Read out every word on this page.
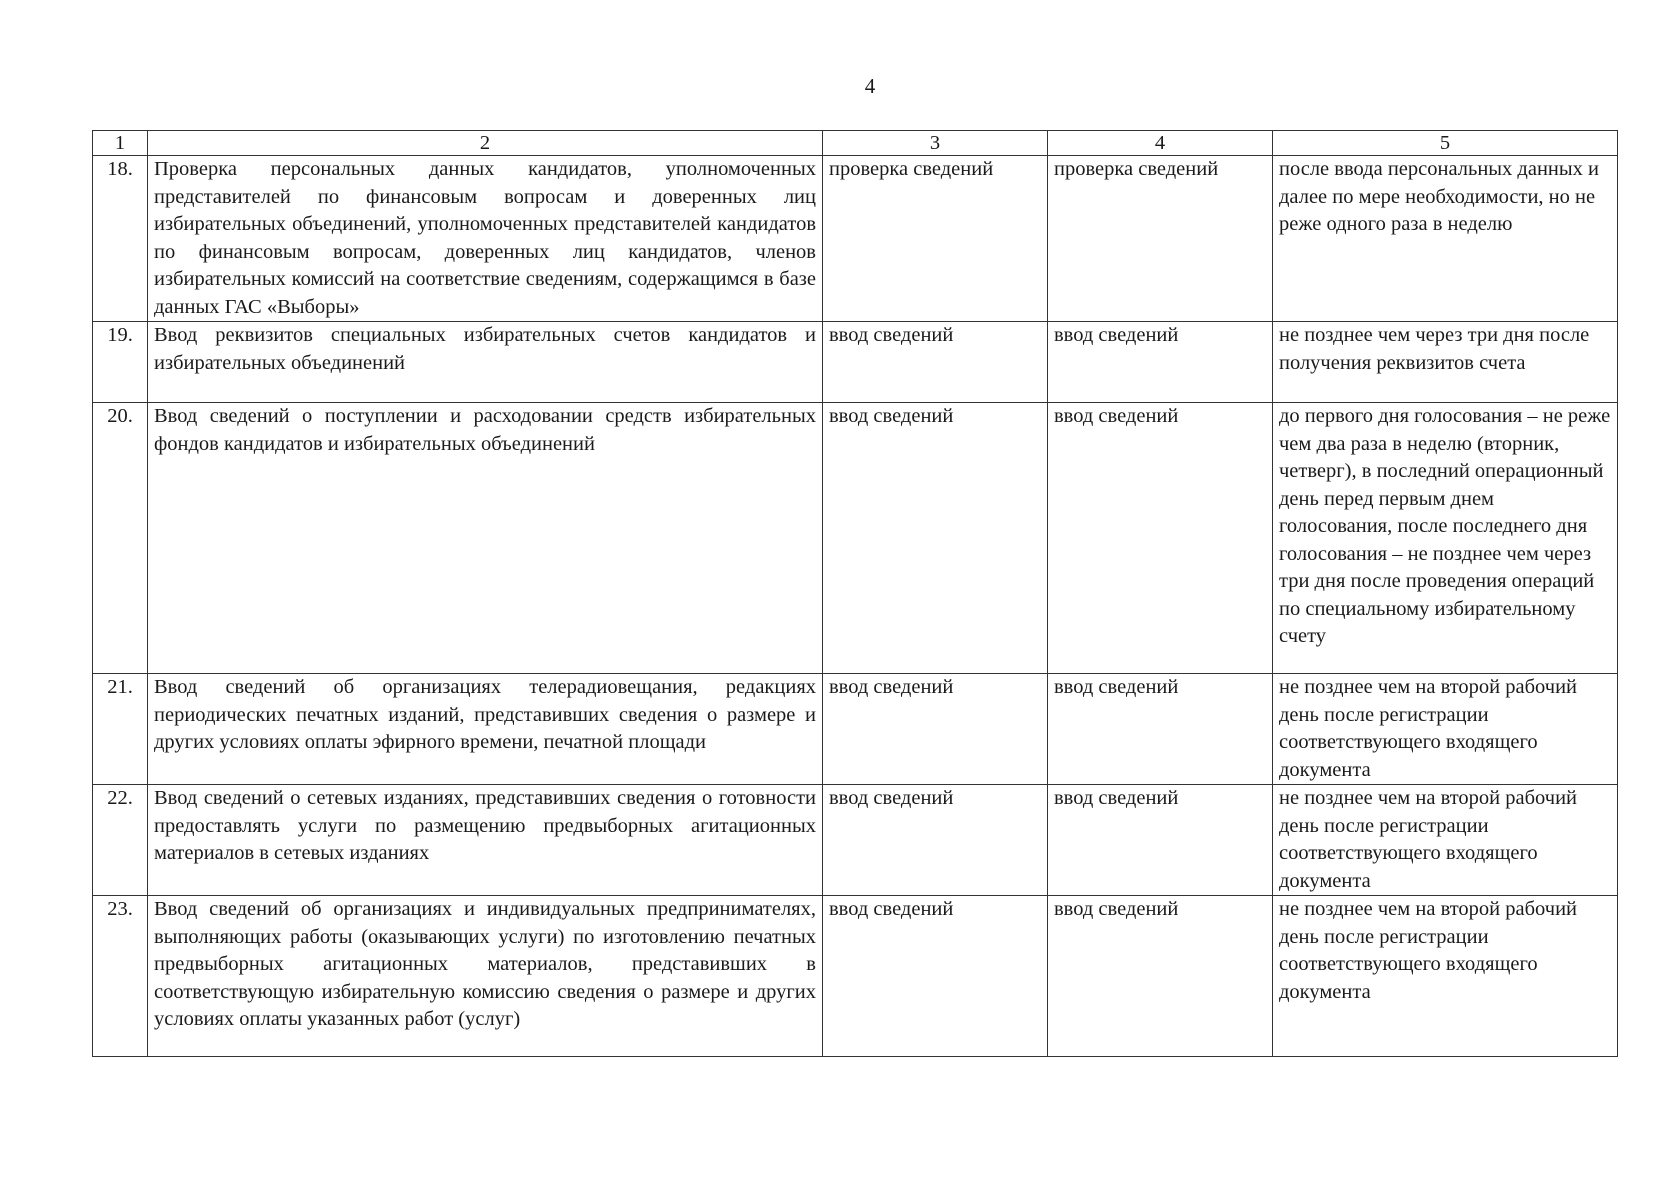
4
1	2	3	4	5
18.	Проверка персональных данных кандидатов, уполномоченных представителей по финансовым вопросам и доверенных лиц избирательных объединений, уполномоченных представителей кандидатов по финансовым вопросам, доверенных лиц кандидатов, членов избирательных комиссий на соответствие сведениям, содержащимся в базе данных ГАС «Выборы»	проверка сведений	проверка сведений	после ввода персональных данных и далее по мере необходимости, но не реже одного раза в неделю
19.	Ввод реквизитов специальных избирательных счетов кандидатов и избирательных объединений	ввод сведений	ввод сведений	не позднее чем через три дня после получения реквизитов счета
20.	Ввод сведений о поступлении и расходовании средств избирательных фондов кандидатов и избирательных объединений	ввод сведений	ввод сведений	до первого дня голосования – не реже чем два раза в неделю (вторник, четверг), в последний операционный день перед первым днем голосования, после последнего дня голосования – не позднее чем через три дня после проведения операций по специальному избирательному счету
21.	Ввод сведений об организациях телерадиовещания, редакциях периодических печатных изданий, представивших сведения о размере и других условиях оплаты эфирного времени, печатной площади	ввод сведений	ввод сведений	не позднее чем на второй рабочий день после регистрации соответствующего входящего документа
22.	Ввод сведений о сетевых изданиях, представивших сведения о готовности предоставлять услуги по размещению предвыборных агитационных материалов в сетевых изданиях	ввод сведений	ввод сведений	не позднее чем на второй рабочий день после регистрации соответствующего входящего документа
23.	Ввод сведений об организациях и индивидуальных предпринимателях, выполняющих работы (оказывающих услуги) по изготовлению печатных предвыборных агитационных материалов, представивших в соответствующую избирательную комиссию сведения о размере и других условиях оплаты указанных работ (услуг)	ввод сведений	ввод сведений	не позднее чем на второй рабочий день после регистрации соответствующего входящего документа
